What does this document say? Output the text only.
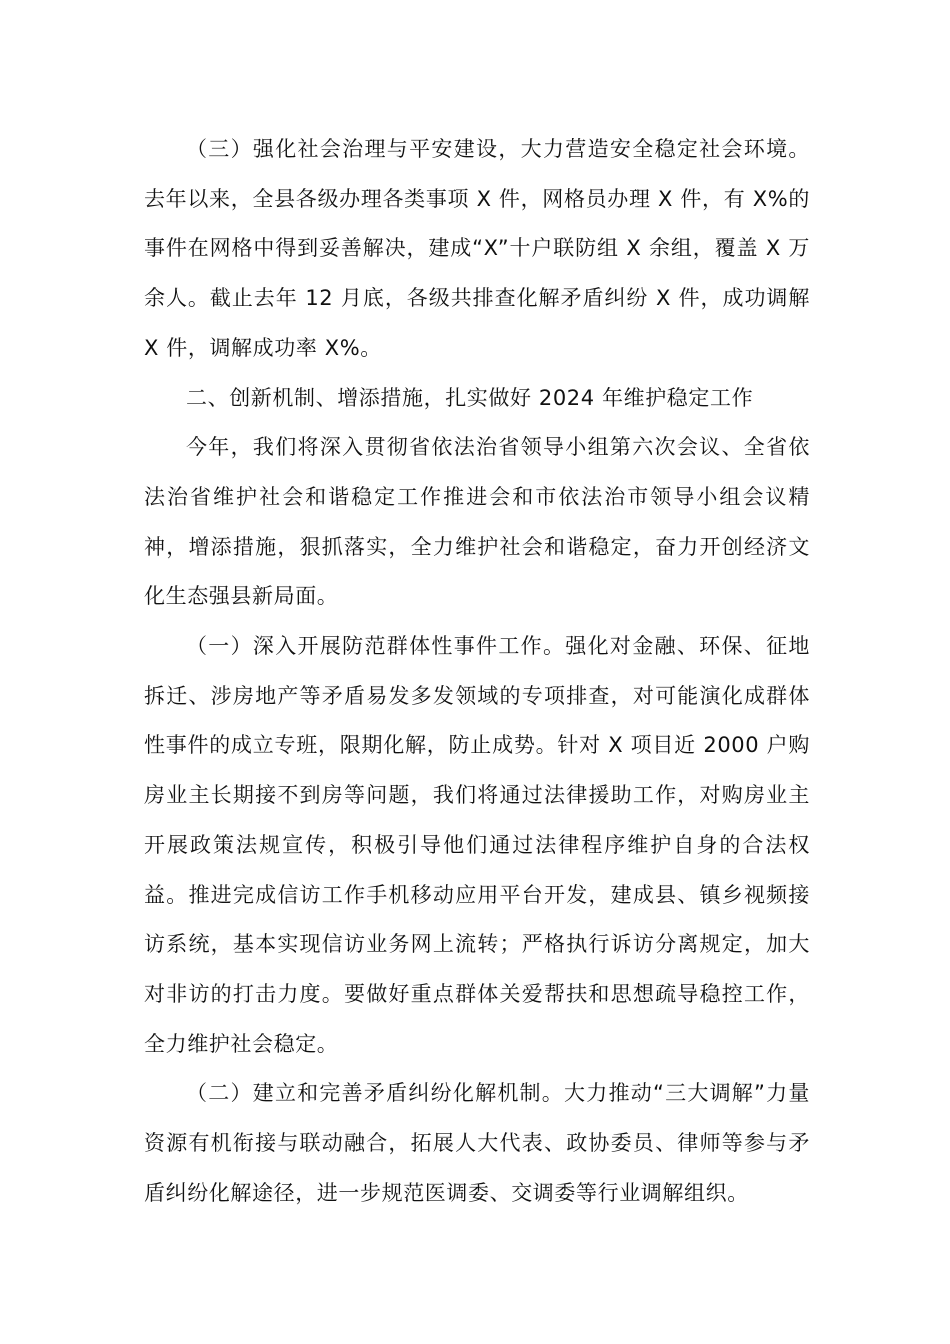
（三）强化社会治理与平安建设，大力营造安全稳定社会环境。去年以来，全县各级办理各类事项 X 件，网格员办理 X 件，有 X%的事件在网格中得到妥善解决，建成“X”十户联防组 X 余组，覆盖 X 万余人。截止去年 12 月底，各级共排查化解矛盾纠纷 X 件，成功调解 X 件，调解成功率 X%。

二、创新机制、增添措施，扎实做好 2024 年维护稳定工作

今年，我们将深入贯彻省依法治省领导小组第六次会议、全省依法治省维护社会和谐稳定工作推进会和市依法治市领导小组会议精神，增添措施，狠抓落实，全力维护社会和谐稳定，奋力开创经济文化生态强县新局面。

（一）深入开展防范群体性事件工作。强化对金融、环保、征地拆迁、涉房地产等矛盾易发多发领域的专项排查，对可能演化成群体性事件的成立专班，限期化解，防止成势。针对 X 项目近 2000 户购房业主长期接不到房等问题，我们将通过法律援助工作，对购房业主开展政策法规宣传，积极引导他们通过法律程序维护自身的合法权益。推进完成信访工作手机移动应用平台开发，建成县、镇乡视频接访系统，基本实现信访业务网上流转；严格执行诉访分离规定，加大对非访的打击力度。要做好重点群体关爱帮扶和思想疏导稳控工作，全力维护社会稳定。

（二）建立和完善矛盾纠纷化解机制。大力推动“三大调解”力量资源有机衔接与联动融合，拓展人大代表、政协委员、律师等参与矛盾纠纷化解途径，进一步规范医调委、交调委等行业调解组织。
